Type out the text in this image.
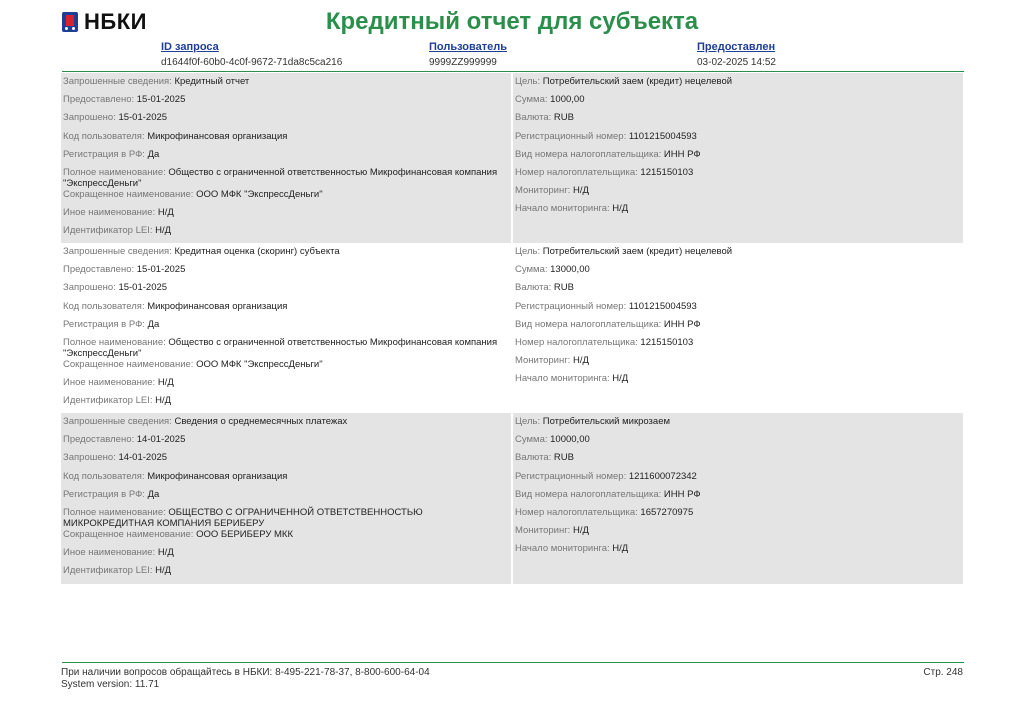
НБКИ	Кредитный отчет для субъекта
ID запроса
d1644f0f-60b0-4c0f-9672-71da8c5ca216
Пользователь
9999ZZ999999
Предоставлен
03-02-2025 14:52
Запрошенные сведения: Кредитный отчет
Предоставлено: 15-01-2025
Запрошено: 15-01-2025
Код пользователя: Микрофинансовая организация
Регистрация в РФ: Да
Полное наименование: Общество с ограниченной ответственностью Микрофинансовая компания "ЭкспрессДеньги"
Сокращенное наименование: ООО МФК "ЭкспрессДеньги"
Иное наименование: Н/Д
Идентификатор LEI: Н/Д
Цель: Потребительский заем (кредит) нецелевой
Сумма: 1000,00
Валюта: RUB
Регистрационный номер: 1101215004593
Вид номера налогоплательщика: ИНН РФ
Номер налогоплательщика: 1215150103
Мониторинг: Н/Д
Начало мониторинга: Н/Д
Запрошенные сведения: Кредитная оценка (скоринг) субъекта
Предоставлено: 15-01-2025
Запрошено: 15-01-2025
Код пользователя: Микрофинансовая организация
Регистрация в РФ: Да
Полное наименование: Общество с ограниченной ответственностью Микрофинансовая компания "ЭкспрессДеньги"
Сокращенное наименование: ООО МФК "ЭкспрессДеньги"
Иное наименование: Н/Д
Идентификатор LEI: Н/Д
Цель: Потребительский заем (кредит) нецелевой
Сумма: 13000,00
Валюта: RUB
Регистрационный номер: 1101215004593
Вид номера налогоплательщика: ИНН РФ
Номер налогоплательщика: 1215150103
Мониторинг: Н/Д
Начало мониторинга: Н/Д
Запрошенные сведения: Сведения о среднемесячных платежах
Предоставлено: 14-01-2025
Запрошено: 14-01-2025
Код пользователя: Микрофинансовая организация
Регистрация в РФ: Да
Полное наименование: ОБЩЕСТВО С ОГРАНИЧЕННОЙ ОТВЕТСТВЕННОСТЬЮ МИКРОКРЕДИТНАЯ КОМПАНИЯ БЕРИБЕРУ
Сокращенное наименование: ООО БЕРИБЕРУ МКК
Иное наименование: Н/Д
Идентификатор LEI: Н/Д
Цель: Потребительский микрозаем
Сумма: 10000,00
Валюта: RUB
Регистрационный номер: 1211600072342
Вид номера налогоплательщика: ИНН РФ
Номер налогоплательщика: 1657270975
Мониторинг: Н/Д
Начало мониторинга: Н/Д
При наличии вопросов обращайтесь в НБКИ: 8-495-221-78-37, 8-800-600-64-04
System version: 11.71
Стр. 248
